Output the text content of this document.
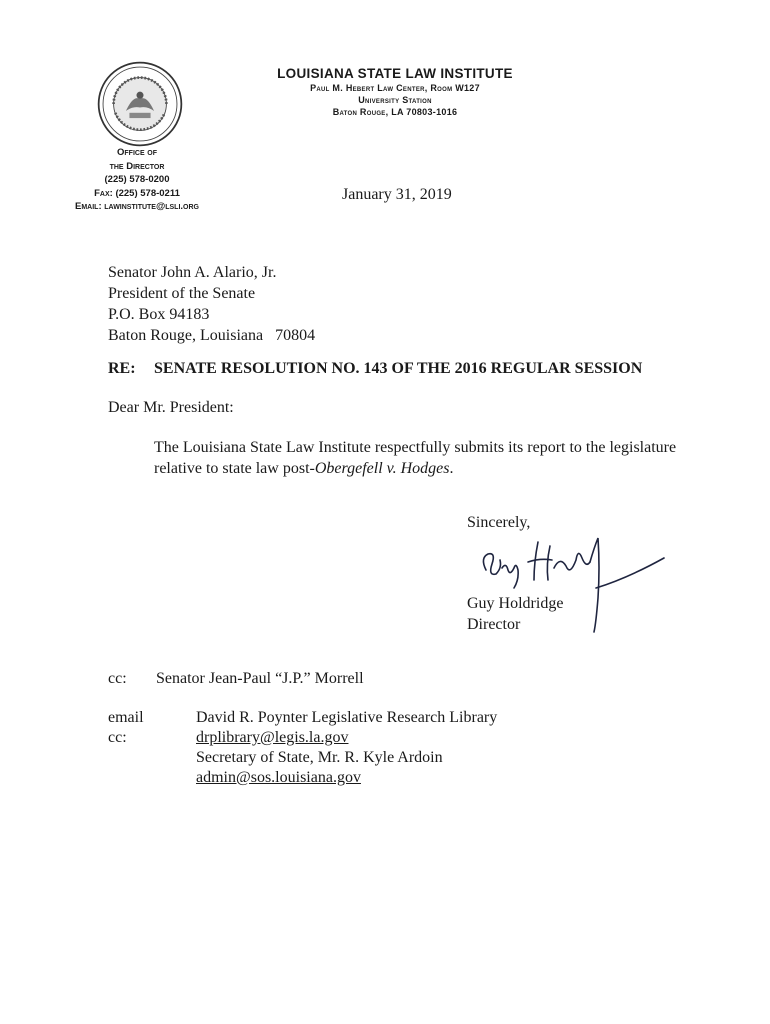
LOUISIANA STATE LAW INSTITUTE
Paul M. Hebert Law Center, Room W127
University Station
Baton Rouge, LA 70803-1016
Office of
the Director
(225) 578-0200
Fax: (225) 578-0211
Email: lawinstitute@lsli.org
January 31, 2019
Senator John A. Alario, Jr.
President of the Senate
P.O. Box 94183
Baton Rouge, Louisiana   70804
RE: SENATE RESOLUTION NO. 143 OF THE 2016 REGULAR SESSION
Dear Mr. President:
The Louisiana State Law Institute respectfully submits its report to the legislature relative to state law post-Obergefell v. Hodges.
Sincerely,
Guy Holdridge
Director
cc: Senator Jean-Paul “J.P.” Morrell
email cc:
David R. Poynter Legislative Research Library
drplibrary@legis.la.gov
Secretary of State, Mr. R. Kyle Ardoin
admin@sos.louisiana.gov
